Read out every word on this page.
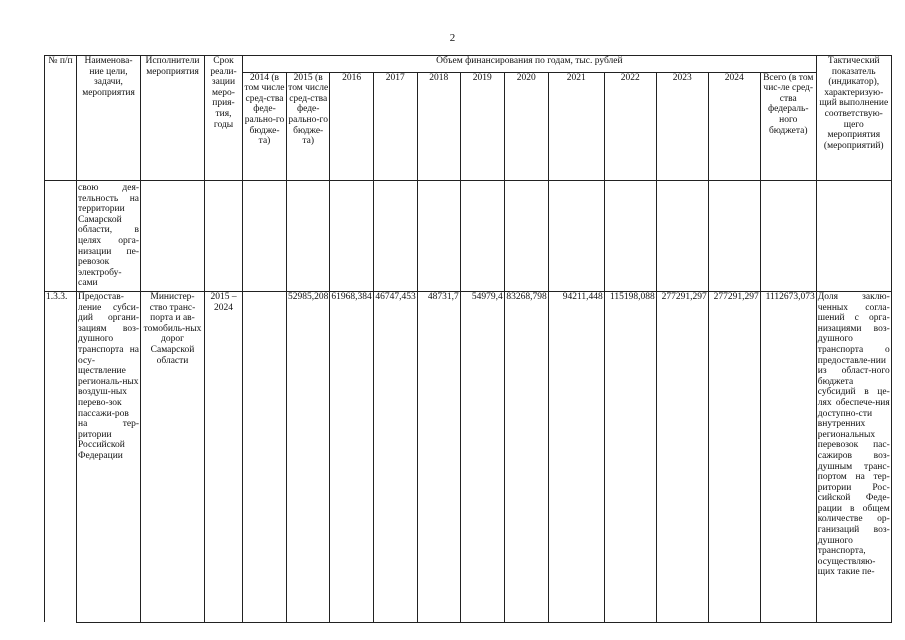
2
№ п/п	Наименова-ние цели, задачи, мероприятия	Исполнители мероприятия	Срок реали-зации меро-прия-тия, годы	Объем финансирования по годам, тыс. рублей												Тактический показатель (индикатор), характеризую-щий выполнение соответствую-щего мероприятия (мероприятий)
				2014 (в том числе сред-ства феде-рально-го бюдже-та)	2015 (в том числе сред-ства феде-рально-го бюдже-та)	2016	2017	2018	2019	2020	2021	2022	2023	2024	Всего (в том чис-ле сред-ства федераль-ного бюджета)	
	свою дея-тельность на территории Самарской области, в целях орга-низации пе-ревозок электробу-сами															
1.3.3.	Предостав-ление субси-дий органи-зациям воз-душного транспорта на осу-ществление региональ-ных воздуш-ных перево-зок пассажи-ров на тер-ритории Российской Федерации	Министер-ство транс-порта и ав-томобиль-ных дорог Самарской области	2015 – 2024		52985,208	61968,384	46747,453	48731,7	54979,4	83268,798	94211,448	115198,088	277291,297	277291,297	1112673,073	Доля заклю-ченных согла-шений с орга-низациями воз-душного транспорта о предоставле-нии из област-ного бюджета субсидий в це-лях обеспече-ния доступно-сти внутренних региональных перевозок пас-сажиров воз-душным транс-портом на тер-ритории Рос-сийской Феде-рации в общем количестве ор-ганизаций воз-душного транспорта, осуществляю-щих такие пе-
